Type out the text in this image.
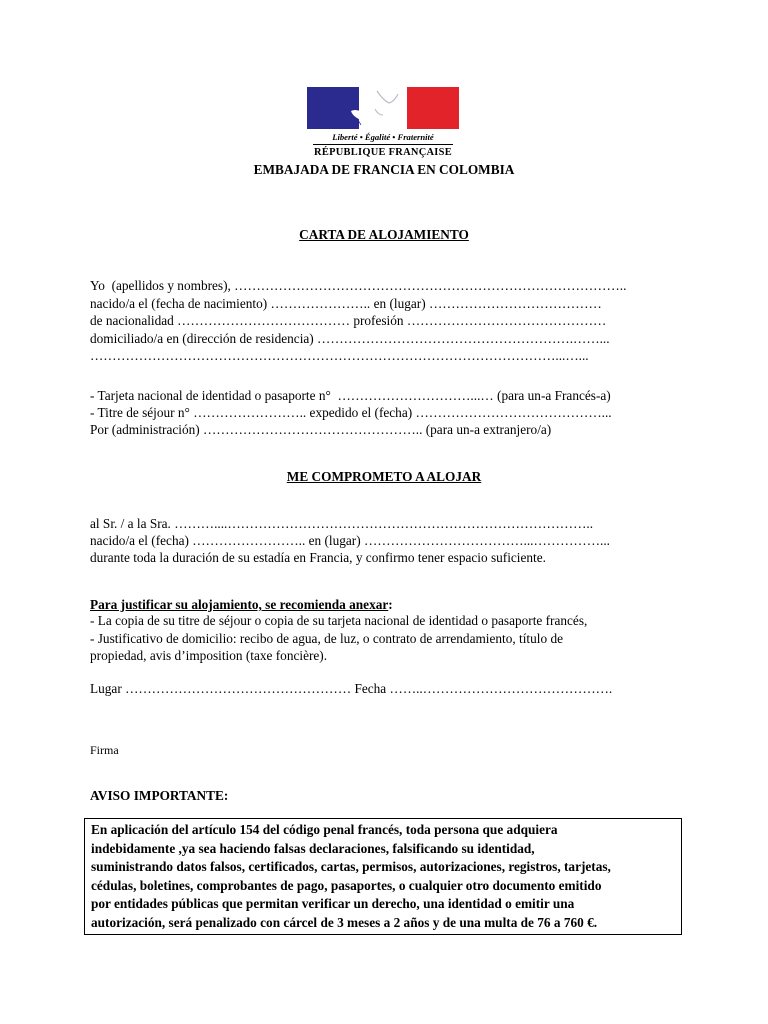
Liberté • Égalité • Fraternité
RÉPUBLIQUE FRANÇAISE
EMBAJADA DE FRANCIA EN COLOMBIA
CARTA DE ALOJAMIENTO
Yo  (apellidos y nombres), ……………………………………………………………………………..
nacido/a el (fecha de nacimiento) ………………….. en (lugar) …………………………………
de nacionalidad ………………………………… profesión ………………………………………
domiciliado/a en (dirección de residencia) ………………………………………………….……...
……………………………………………………………………………………………...…...
- Tarjeta nacional de identidad o pasaporte n°  …………………………...… (para un-a Francés-a)
- Titre de séjour n° …………………….. expedido el (fecha) ……………………………………...
Por (administración) ………………………………………….. (para un-a extranjero/a)
ME COMPROMETO A ALOJAR
al Sr. / a la Sra. ………....………………………………………………………………………..
nacido/a el (fecha) …………………….. en (lugar) ………………………………...……………...
durante toda la duración de su estadía en Francia, y confirmo tener espacio suficiente.
Para justificar su alojamiento, se recomienda anexar:
- La copia de su titre de séjour o copia de su tarjeta nacional de identidad o pasaporte francés,
- Justificativo de domicilio: recibo de agua, de luz, o contrato de arrendamiento, título de
propiedad, avis d’imposition (taxe foncière).
Lugar …………………………………………… Fecha ……..…………………………………….
Firma
AVISO IMPORTANTE:
En aplicación del artículo 154 del código penal francés, toda persona que adquiera
indebidamente ,ya sea haciendo falsas declaraciones, falsificando su identidad,
suministrando datos falsos, certificados, cartas, permisos, autorizaciones, registros, tarjetas,
cédulas, boletines, comprobantes de pago, pasaportes, o cualquier otro documento emitido
por entidades públicas que permitan verificar un derecho, una identidad o emitir una
autorización, será penalizado con cárcel de 3 meses a 2 años y de una multa de 76 a 760 €.
